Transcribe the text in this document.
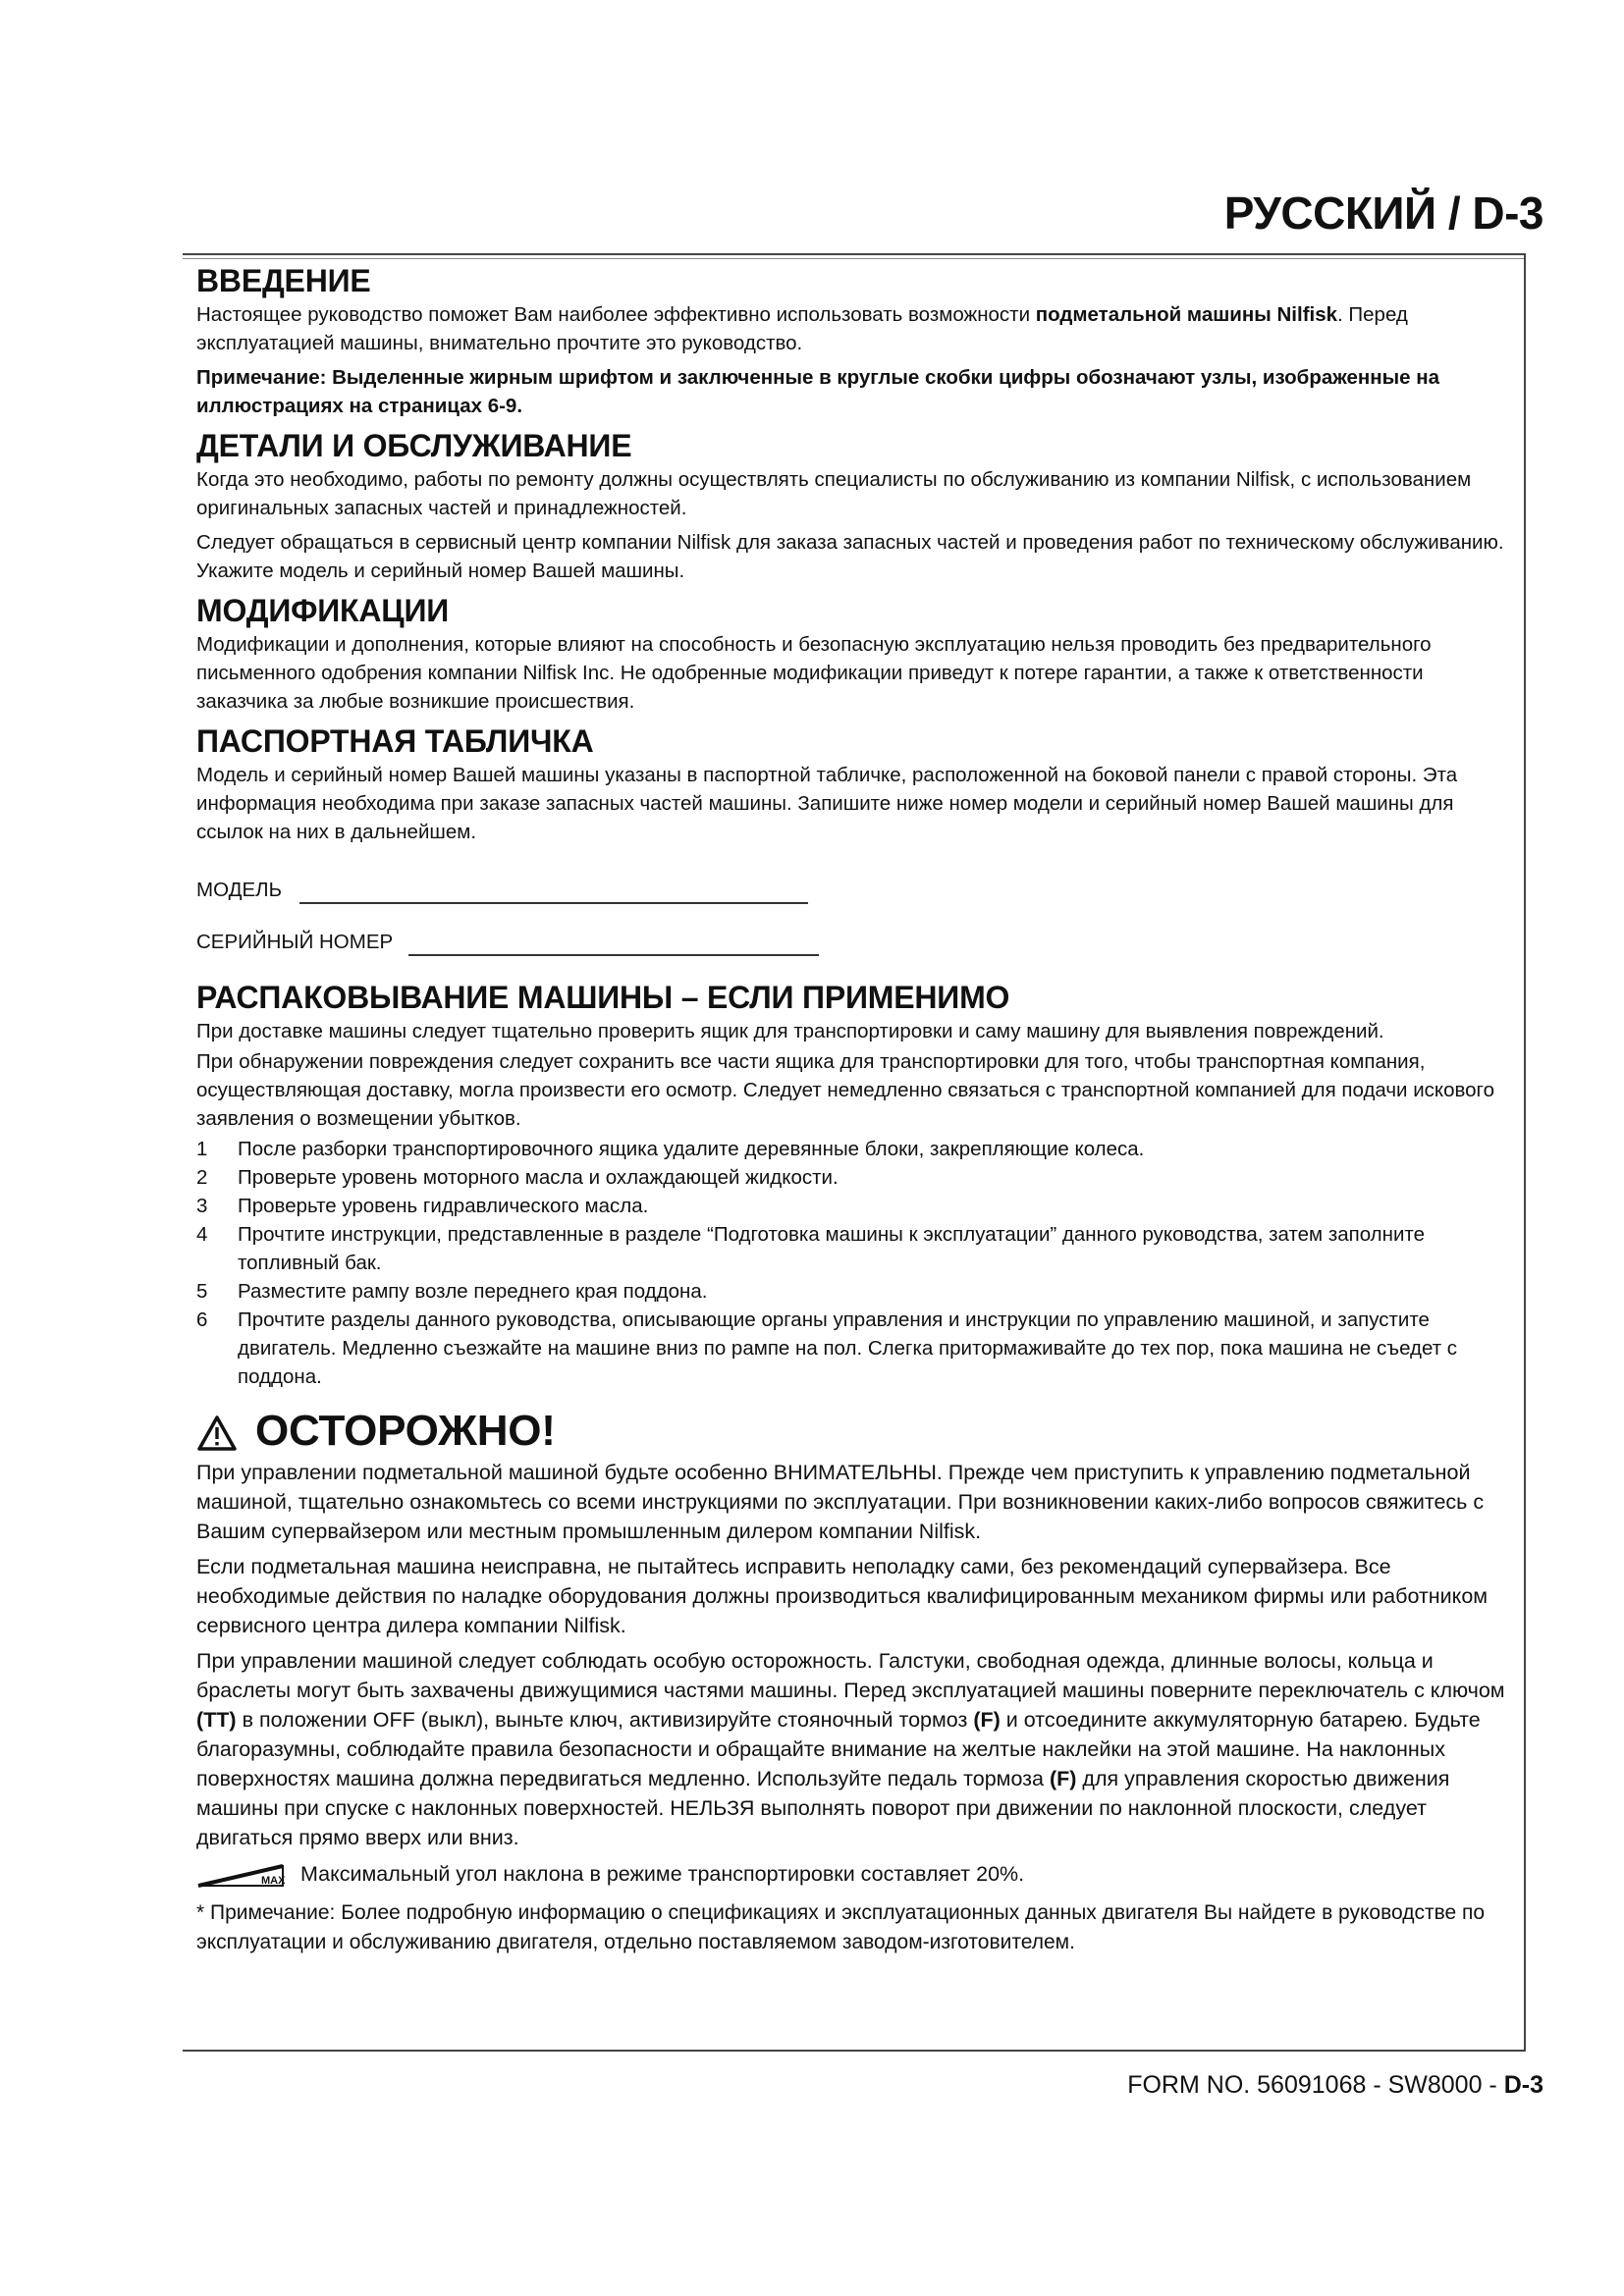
РУССКИЙ / D-3
ВВЕДЕНИЕ

Настоящее руководство поможет Вам наиболее эффективно использовать возможности подметальной машины Nilfisk. Перед эксплуатацией машины, внимательно прочтите это руководство.

Примечание: Выделенные жирным шрифтом и заключенные в круглые скобки цифры обозначают узлы, изображенные на иллюстрациях на страницах 6-9.

ДЕТАЛИ И ОБСЛУЖИВАНИЕ

Когда это необходимо, работы по ремонту должны осуществлять специалисты по обслуживанию из компании Nilfisk, с использованием оригинальных запасных частей и принадлежностей.

Следует обращаться в сервисный центр компании Nilfisk для заказа запасных частей и проведения работ по техническому обслуживанию. Укажите модель и серийный номер Вашей машины.

МОДИФИКАЦИИ

Модификации и дополнения, которые влияют на способность и безопасную эксплуатацию нельзя проводить без предварительного письменного одобрения компании Nilfisk Inc. Не одобренные модификации приведут к потере гарантии, а также к ответственности заказчика за любые возникшие происшествия.

ПАСПОРТНАЯ ТАБЛИЧКА

Модель и серийный номер Вашей машины указаны в паспортной табличке, расположенной на боковой панели с правой стороны. Эта информация необходима при заказе запасных частей машины. Запишите ниже номер модели и серийный номер Вашей машины для ссылок на них в дальнейшем.

МОДЕЛЬ
СЕРИЙНЫЙ НОМЕР
РАСПАКОВЫВАНИЕ МАШИНЫ – ЕСЛИ ПРИМЕНИМО

При доставке машины следует тщательно проверить ящик для транспортировки и саму машину для выявления повреждений.

При обнаружении повреждения следует сохранить все части ящика для транспортировки для того, чтобы транспортная компания, осуществляющая доставку, могла произвести его осмотр. Следует немедленно связаться с транспортной компанией для подачи искового заявления о возмещении убытков.

1	После разборки транспортировочного ящика удалите деревянные блоки, закрепляющие колеса.
2	Проверьте уровень моторного масла и охлаждающей жидкости.
3	Проверьте уровень гидравлического масла.
4	Прочтите инструкции, представленные в разделе “Подготовка машины к эксплуатации” данного руководства, затем заполните топливный бак.
5	Разместите рампу возле переднего края поддона.
6	Прочтите разделы данного руководства, описывающие органы управления и инструкции по управлению машиной, и запустите двигатель. Медленно съезжайте на машине вниз по рампе на пол. Слегка притормаживайте до тех пор, пока машина не съедет с поддона.
ОСТОРОЖНО!

При управлении подметальной машиной будьте особенно ВНИМАТЕЛЬНЫ. Прежде чем приступить к управлению подметальной машиной, тщательно ознакомьтесь со всеми инструкциями по эксплуатации. При возникновении каких-либо вопросов свяжитесь с Вашим супервайзером или местным промышленным дилером компании Nilfisk.

Если подметальная машина неисправна, не пытайтесь исправить неполадку сами, без рекомендаций супервайзера. Все необходимые действия по наладке оборудования должны производиться квалифицированным механиком фирмы или работником сервисного центра дилера компании Nilfisk.

При управлении машиной следует соблюдать особую осторожность. Галстуки, свободная одежда, длинные волосы, кольца и браслеты могут быть захвачены движущимися частями машины. Перед эксплуатацией машины поверните переключатель с ключом (TT) в положении OFF (выкл), выньте ключ, активизируйте стояночный тормоз (F) и отсоедините аккумуляторную батарею. Будьте благоразумны, соблюдайте правила безопасности и обращайте внимание на желтые наклейки на этой машине. На наклонных поверхностях машина должна передвигаться медленно. Используйте педаль тормоза (F) для управления скоростью движения машины при спуске с наклонных поверхностей. НЕЛЬЗЯ выполнять поворот при движении по наклонной плоскости, следует двигаться прямо вверх или вниз.

MAX Максимальный угол наклона в режиме транспортировки составляет 20%.

* Примечание: Более подробную информацию о спецификациях и эксплуатационных данных двигателя Вы найдете в руководстве по эксплуатации и обслуживанию двигателя, отдельно поставляемом заводом-изготовителем.

FORM NO. 56091068 - SW8000 - D-3
